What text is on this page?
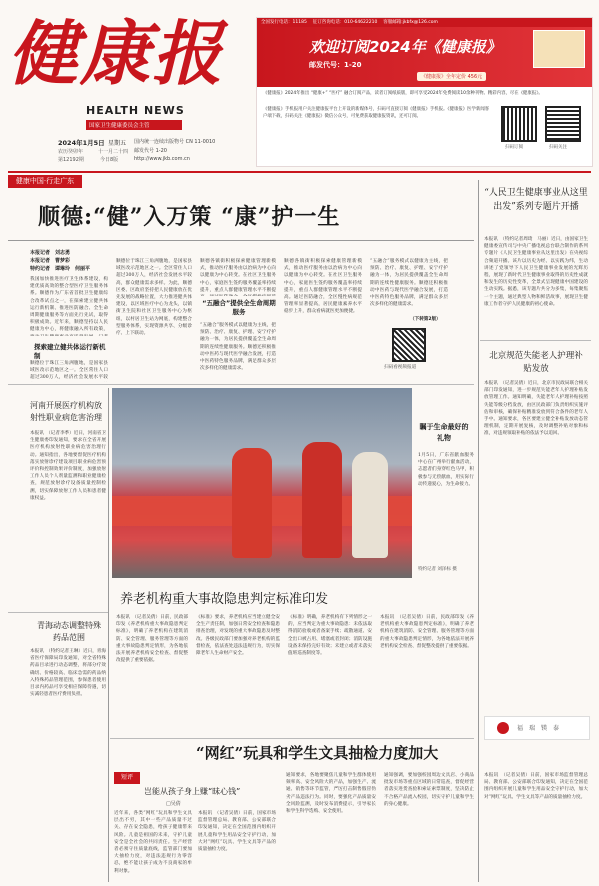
健康报
HEALTH NEWS
国家卫生健康委员会主管
2024年1月5日 星期五
农历癸卯年	十一月二十四
第12192期	今日8版
国内统一连续出版物号 CN 11-0010
邮发代号 1-20
http://www.jkb.com.cn
全国发行电话：11185 　征订咨询电话：010-64622210 　客服邮箱:jkbfx@126.com
欢迎订阅2024年《健康报》
邮发代号：1-20
《健康报》全年定价 456元
《健康报》2024年推出 “健康+” “医疗” 融合订阅产品，读者订阅纸质版，即可享受2024年免费阅读10余种刊物。精彩内容，尽在《健康报》。
《健康报》手机报用户关注健康报平台上开设的新媒体号，扫码可直接订阅《健康报》手机报。《健康报》医学新闻客户端下载，扫码关注《健康报》微信公众号，可免费获取健康报资讯，还可订阅。
扫码订阅	扫码关注
健康中国·行走广东
顺德:“健”入万策 “康”护一生
本报记者　刘志勇
本报记者　曹梦彩
特约记者　谭琳玲　何丽平
我国加快推进医疗卫生体系建设，构建优质高效的整合型医疗卫生服务体系。顺德作为广东省首批卫生健康综合改革试点之一，在探索建立健共体运行新机制、推进医防融合、全生命周期健康服务等方面先行先试，取得积极成效。近年来，顺德坚持以人民健康为中心，将健康融入所有政策，
探索建立健共体运行新机制
顺德位于珠江三角洲腹地，是国家县域医改示范地区之一。全区常住人口超过300万人，经济社会发展水平较
顺德位于珠江三角洲腹地，是国家县域医改示范地区之一。全区常住人口超过300万人，经济社会发展水平较高，群众健康需求多样。为此，顺德区委、区政府坚持把人民健康放在优先发展的战略位置，大力推进健共体建设，以区域医疗中心为龙头，以镇街卫生院和社区卫生服务中心为枢纽，以村居卫生站为网底，构建整合型服务体系，实现资源共享、分级诊疗、上下联动。
顺德各镇街积极探索健康管理新模式，推动医疗服务由以治病为中心向以健康为中心转变。在社区卫生服务中心，家庭医生签约服务覆盖率持续提升，重点人群健康管理水平不断提
“五融合”提供全生命周期服务
“五融合”服务模式以健康为主线，把预防、治疗、康复、护理、安宁疗护融为一体，为居民提供覆盖全生命周期的连续性健康服务。顺德还积极推动中医药与现代医学融合发展，打造中医药特色服务品牌，满足群众多层次多样化的健康需求。
顺德各镇街积极探索健康管理新模式，推动医疗服务由以治病为中心向以健康为中心转变。在社区卫生服务中心，家庭医生签约服务覆盖率持续提升，重点人群健康管理水平不断提高。通过医防融合，全区慢性病规范管理率显著提高，居民健康素养水平稳步上升，群众看病就医更加便捷。
“五融合”服务模式以健康为主线，把预防、治疗、康复、护理、安宁疗护融为一体，为居民提供覆盖全生命周期的连续性健康服务。顺德还积极推动中医药与现代医学融合发展，打造中医药特色服务品牌，满足群众多层次多样化的健康需求。
（下转第2版）
扫码看视频报道
“人民卫生健康事业从这里出发”系列专题片开播
本报讯　（特约记者周琦　马丽）近日，由国家卫生健康委宣传司与中央广播电视总台联合制作的系列专题片《人民卫生健康事业从这里出发》在央视综合频道开播。该片以历史为经、以实践为纬，生动讲述了党领导下人民卫生健康事业发展的光辉历程，展现了新时代卫生健康事业取得的历史性成就和发生的历史性变革，全景式呈现健康中国建设的生动实践。据悉，该专题片共分为多集，每集聚焦一个主题，通过典型人物和鲜活故事，展现卫生健康工作者守护人民健康的初心使命。
瞩于生命最好的礼物
1月5日，广东省献血服务中心在广州举行献血活动，志愿者们身穿红色马甲，积极参与无偿献血，用实际行动传递爱心，为生命接力。
特约记者 刘泽标 摄
河南开展医疗机构放射性职业病危害治理
本报讯　（记者李季）近日，河南省卫生健康委印发通知，要求在全省开展医疗机构放射性职业病危害治理行动。通知指出，各地要督促医疗机构落实放射诊疗建设项目职业病危害预评价和控制效果评价制度，加强放射工作人员个人剂量监测和职业健康检查，规范放射诊疗设备质量控制检测，切实保障放射工作人员和患者健康权益。
青海动态调整特殊药品范围
本报讯　（特约记者王琳）近日，青海省医疗保障局印发通知，对全省特殊药品目录进行动态调整，将部分疗效确切、价格较高、临床急需的药品纳入特殊药品管理范围，参保患者使用目录内药品可享受相应保障待遇，切实减轻患者医疗费用负担。
养老机构重大事故隐患判定标准印发
本报讯　（记者吴倩）日前，民政部印发《养老机构重大事故隐患判定标准》，明确了养老机构在建筑消防、安全管理、服务管理等方面的重大事故隐患判定情形，为各地依法开展养老机构安全检查、督促整改提供了重要依据。
《标准》要求，养老机构应当建立健全安全生产责任制，加强日常安全检查和隐患排查治理，对发现的重大事故隐患及时整改。各级民政部门要加强对养老机构的监督检查，依法查处违法违规行为，切实保障老年人生命财产安全。
《标准》明确，养老机构有下列情形之一的，应当判定为重大事故隐患：未依法取得消防验收或者备案手续；疏散通道、安全出口被占用、堵塞或者封闭；消防设施设备未保持完好有效；未建立或者未落实值班巡查制度等。
本报讯　（记者吴倩）日前，民政部印发《养老机构重大事故隐患判定标准》，明确了养老机构在建筑消防、安全管理、服务管理等方面的重大事故隐患判定情形，为各地依法开展养老机构安全检查、督促整改提供了重要依据。
北京规范失能老人护理补贴发放
本报讯　（记者吴倩）近日，北京市民政局联合相关部门印发通知，进一步规范失能老年人护理补贴发放管理工作。通知明确，失能老年人护理补贴按照失能等级分档发放，由区民政部门负责组织实施评估和审核，确保补贴精准发放到符合条件的老年人手中。通知要求，各区要建立健全补贴发放动态管理机制，定期开展复核，及时调整补贴对象和标准，对违规领取补贴的依法予以追回。
福　瑞　镁　泰
“网红”玩具和学生文具抽检力度加大
短评
岂能从孩子身上赚“昧心钱”
□吴倩
近年来，各类“网红”玩具和学生文具层出不穷，其中一些产品质量不过关、存在安全隐患，给孩子健康带来风险。儿童是祖国的未来，守护儿童安全是全社会的共同责任。生产经营者必须守住质量底线，监管部门要加大抽检力度，对违法违规行为零容忍，绝不能让孩子成为不良商家的牟利对象。
本报讯　（记者吴倩）日前，国家市场监督管理总局、教育部、公安部联合印发通知，决定在全国范围内组织开展儿童和学生用品安全守护行动，加大对“网红”玩具、学生文具等产品的质量抽检力度。
通知要求，各地要聚焦儿童和学生群体使用频率高、安全风险大的产品，加强生产、流通、销售等环节监管，严厉打击制售假冒伪劣产品违法行为。同时，要强化产品质量安全风险监测，及时发布消费提示，引导家长和学生科学选购、安全使用。
通知强调，要加强校园周边文具店、小商品批发市场等重点区域的日常巡查，督促经营者落实进货查验和索证索票制度，坚决防止不合格产品流入校园，切实守护儿童和学生的身心健康。
本报讯　（记者吴倩）日前，国家市场监督管理总局、教育部、公安部联合印发通知，决定在全国范围内组织开展儿童和学生用品安全守护行动，加大对“网红”玩具、学生文具等产品的质量抽检力度。
